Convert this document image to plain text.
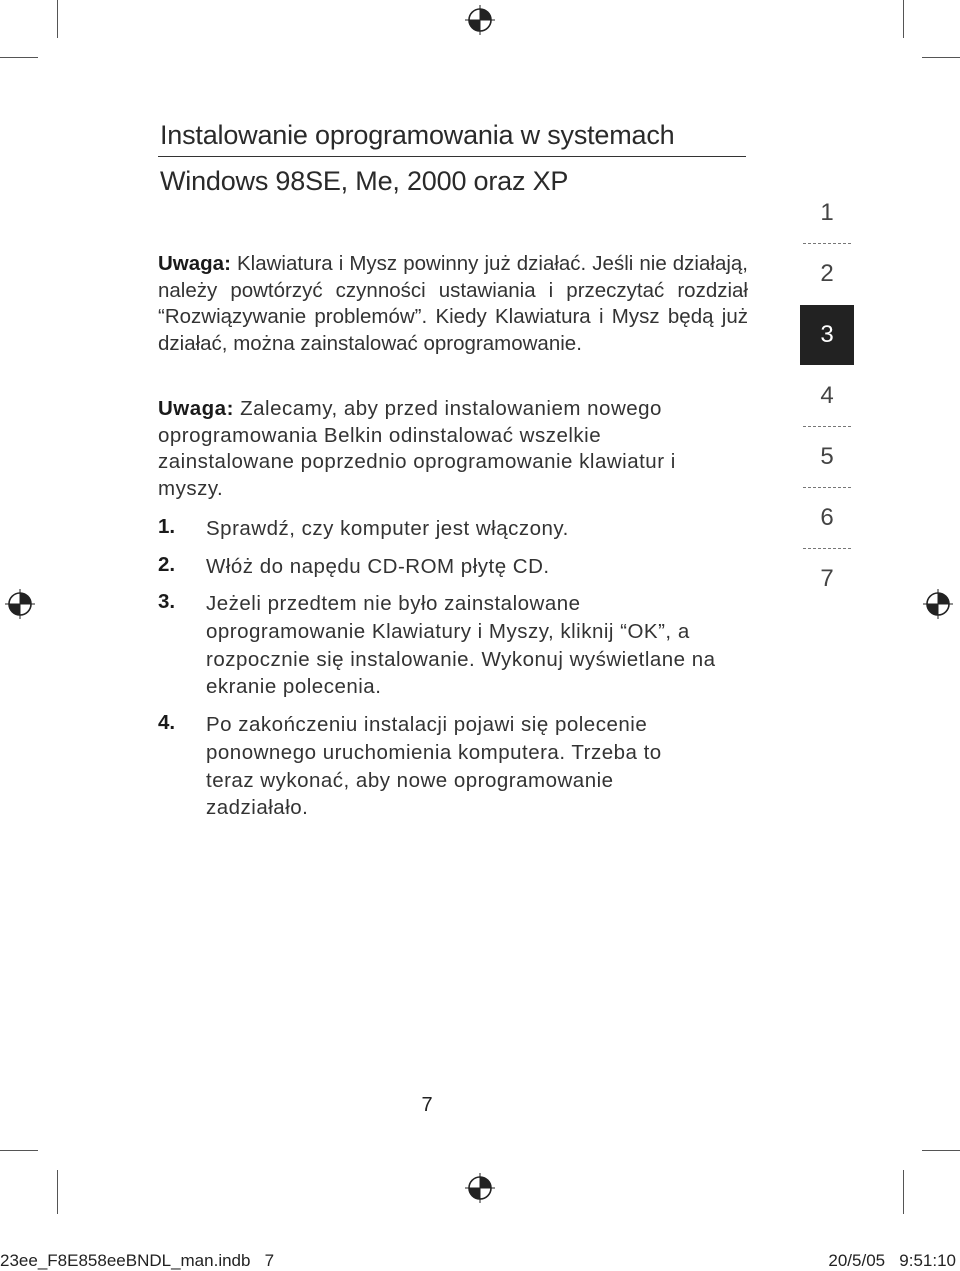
Instalowanie oprogramowania w systemach
Windows 98SE, Me, 2000 oraz XP
Uwaga: Klawiatura i Mysz powinny już działać. Jeśli nie działają, należy powtórzyć czynności ustawiania i przeczytać rozdział “Rozwiązywanie problemów”. Kiedy Klawiatura i Mysz będą już działać, można zainstalować oprogramowanie.
Uwaga: Zalecamy, aby przed instalowaniem nowego oprogramowania Belkin odinstalować wszelkie zainstalowane poprzednio oprogramowanie klawiatur i myszy.
1. Sprawdź, czy komputer jest włączony.
2. Włóż do napędu CD-ROM płytę CD.
3. Jeżeli przedtem nie było zainstalowane oprogramowanie Klawiatury i Myszy, kliknij “OK”, a rozpocznie się instalowanie. Wykonuj wyświetlane na ekranie polecenia.
4. Po zakończeniu instalacji pojawi się polecenie ponownego uruchomienia komputera. Trzeba to teraz wykonać, aby nowe oprogramowanie zadziałało.
1
2
3
4
5
6
7
7
23ee_F8E858eeBNDL_man.indb   7	20/5/05   9:51:10
